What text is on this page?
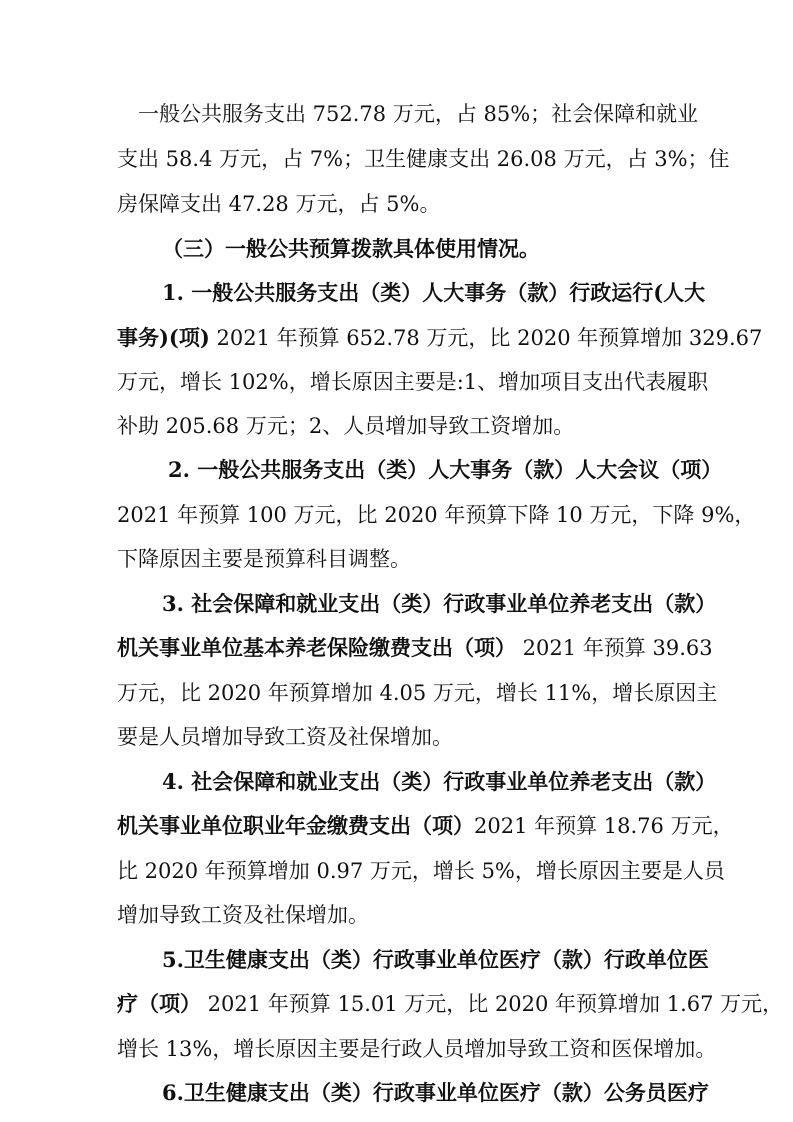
　一般公共服务支出 752.78 万元，占 85%；社会保障和就业
支出 58.4 万元，占 7%；卫生健康支出 26.08 万元，占 3%；住
房保障支出 47.28 万元，占 5%。
（三）一般公共预算拨款具体使用情况。
1. 一般公共服务支出（类）人大事务（款）行政运行(人大
事务)(项) 2021 年预算 652.78 万元，比 2020 年预算增加 329.67
万元，增长 102%，增长原因主要是:1、增加项目支出代表履职
补助 205.68 万元；2、人员增加导致工资增加。
2. 一般公共服务支出（类）人大事务（款）人大会议（项）
2021 年预算 100 万元，比 2020 年预算下降 10 万元，下降 9%，
下降原因主要是预算科目调整。
3. 社会保障和就业支出（类）行政事业单位养老支出（款）
机关事业单位基本养老保险缴费支出（项） 2021 年预算 39.63
万元，比 2020 年预算增加 4.05 万元，增长 11%，增长原因主
要是人员增加导致工资及社保增加。
4. 社会保障和就业支出（类）行政事业单位养老支出（款）
机关事业单位职业年金缴费支出（项）2021 年预算 18.76 万元，
比 2020 年预算增加 0.97 万元，增长 5%，增长原因主要是人员
增加导致工资及社保增加。
5.卫生健康支出（类）行政事业单位医疗（款）行政单位医
疗（项） 2021 年预算 15.01 万元，比 2020 年预算增加 1.67 万元，
增长 13%，增长原因主要是行政人员增加导致工资和医保增加。
6.卫生健康支出（类）行政事业单位医疗（款）公务员医疗
